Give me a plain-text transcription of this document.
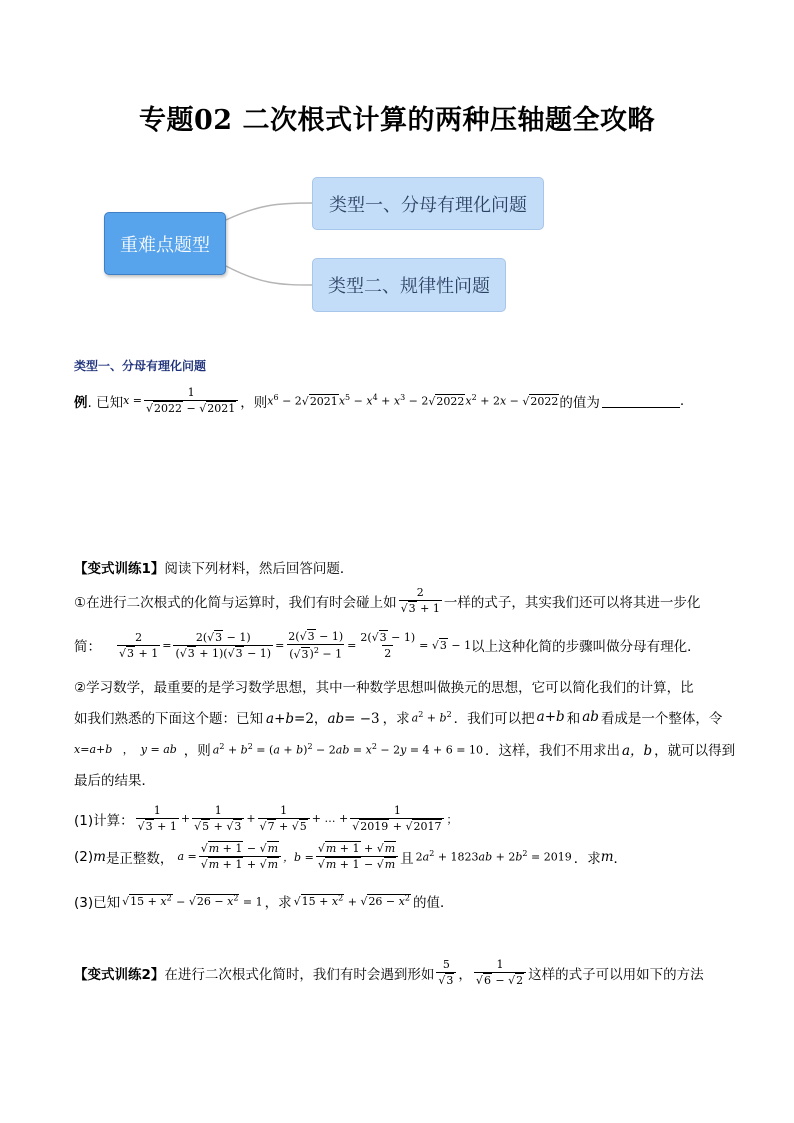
专题02 二次根式计算的两种压轴题全攻略
重难点题型
类型一、分母有理化问题
类型二、规律性问题
类型一、分母有理化问题
例 . 已知 x = 1
√ 2022 − √ 2021 ，则 $x^6 - 2√$ $2021x^5 - x^4 + x^3 - 2√$ $2022x^2 + 2x$ − √ 2022 的值为	.
【变式训练1】 阅读下列材料，然后回答问题．
①在进行二次根式的化简与运算时，我们有时会碰上如 2
√ 3 + 1 一样的式子，其实我们还可以将其进一步化
简： 2
√ $3 + 1 = \frac{2(√ 3 - 1)}{(√ 3 + 1)(√ 3 - 1)} = \frac{2(√ 3 - 1)}{(√ 3)^2 - 1} = \frac{2(√ 3 - 1)}{2}$ = √ 3 − 1 以上这种化简的步骤叫做分母有理化．
②学习数学，最重要的是学习数学思想，其中一种数学思想叫做换元的思想，它可以简化我们的计算，比
如我们熟悉的下面这个题：已知 a+b=2，ab= −3 ，求 $a^2 + b^2$ ．我们可以把 a+b 和 ab 看成是一个整体，令
x=a+b   ，  y = ab ，则 $a^2 + b^2 = (a + b)^2 - 2ab = x^2 - 2y = 4 + 6 = 10$ ．这样，我们不用求出 a，b ，就可以得到
最后的结果．
(1)计算： 1
√ 3 + 1 + 1
√ 5 + √ 3 + 1
√ 7 + √ 5 + … + 1
√ 2019 + √ 2017 ；
(2) m 是正整数， a =
√ m + 1 − √ m
√ m + 1 + √ m ，b =
√ m + 1 + √ m
√ m + 1 − √ m 且 $2a^2 + 1823ab + 2b^2 = 2019$ ．求 m ．
(3)已知
√ $15 + x^2$ − √ $26 - x^2 = 1$ ，求
√ $15 + x^2$ + √ $26 - x^2$ 的值．
【变式训练2】 在进行二次根式化简时，我们有时会遇到形如 5
√ 3 ， 1
√ 6 − √ 2 这样的式子可以用如下的方法
